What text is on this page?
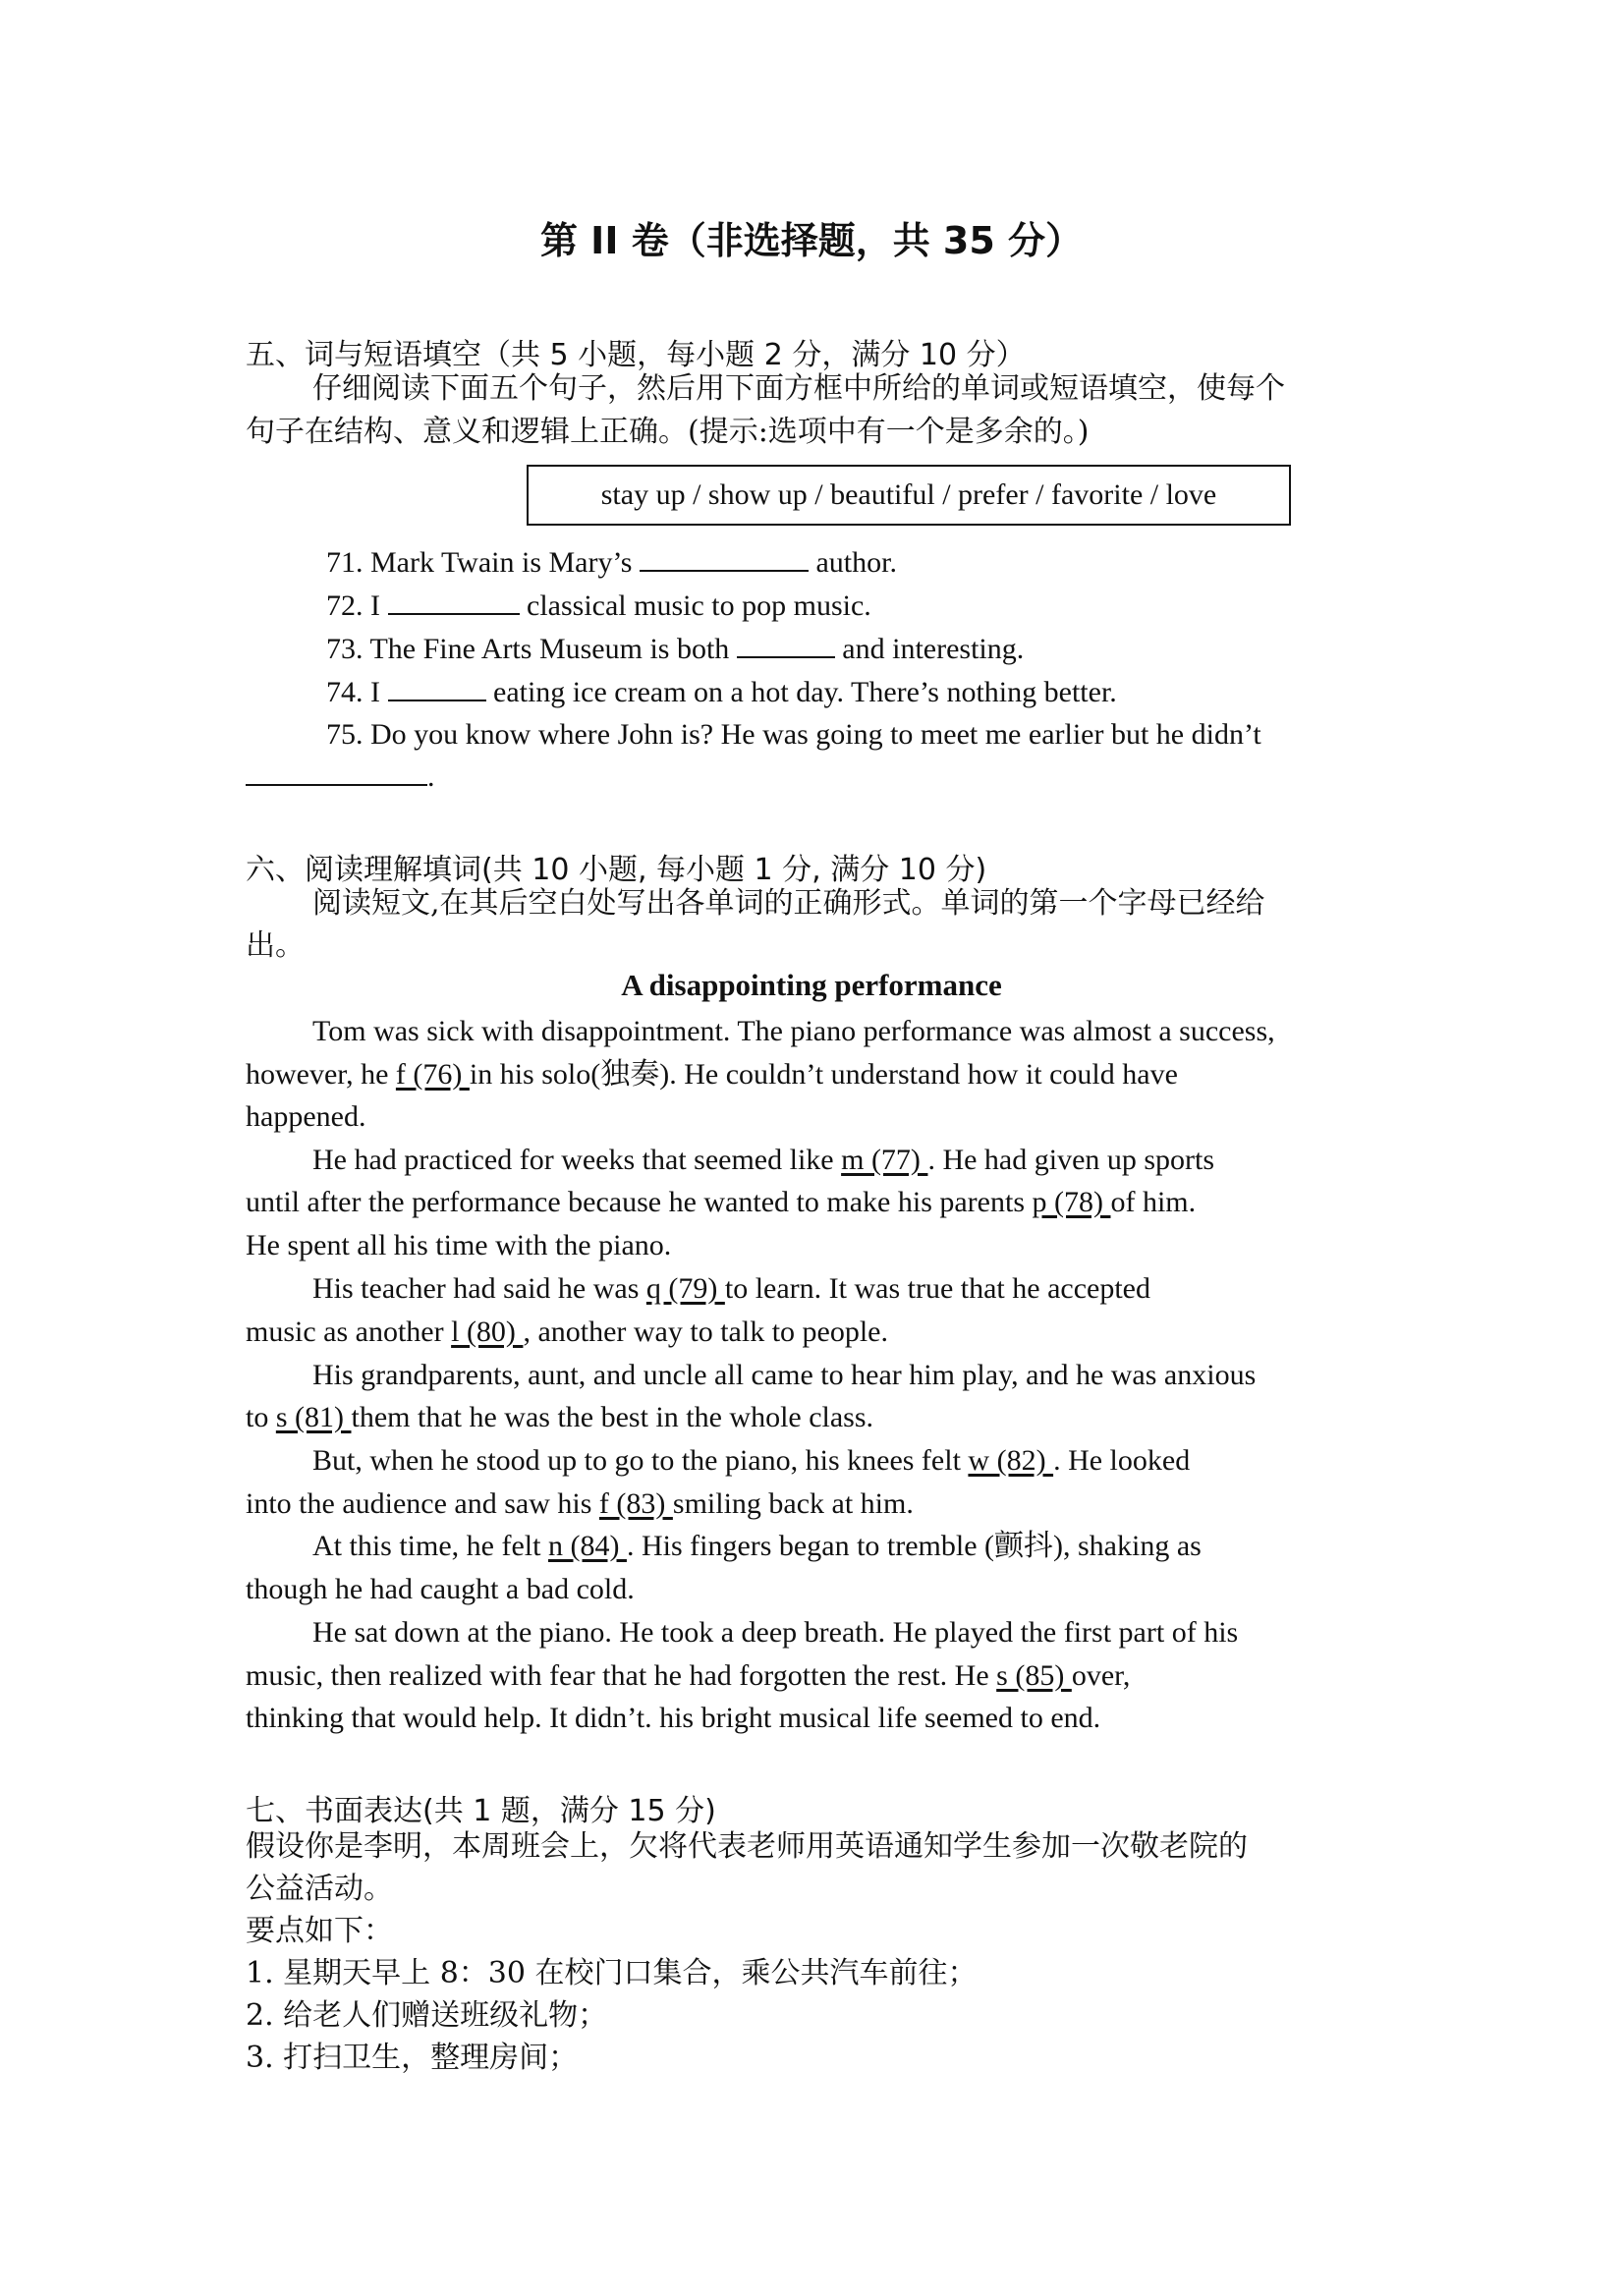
第 II 卷（非选择题，共 35 分）
五、词与短语填空（共 5 小题，每小题 2 分，满分 10 分）
仔细阅读下面五个句子，然后用下面方框中所给的单词或短语填空，使每个
句子在结构、意义和逻辑上正确。(提示:选项中有一个是多余的。)
stay up / show up / beautiful / prefer / favorite / love
71. Mark Twain is Mary’s	author.
72. I	classical music to pop music.
73. The Fine Arts Museum is both	and interesting.
74. I	eating ice cream on a hot day. There’s nothing better.
75. Do you know where John is? He was going to meet me earlier but he didn’t
.
六、阅读理解填词(共 10 小题, 每小题 1 分, 满分 10 分)
阅读短文,在其后空白处写出各单词的正确形式。单词的第一个字母已经给
出。
A disappointing performance
Tom was sick with disappointment. The piano performance was almost a success,
however, he f (76) in his solo(独奏). He couldn’t understand how it could have
happened.
He had practiced for weeks that seemed like m (77) . He had given up sports
until after the performance because he wanted to make his parents p (78) of him.
He spent all his time with the piano.
His teacher had said he was q (79) to learn. It was true that he accepted
music as another l (80) , another way to talk to people.
His grandparents, aunt, and uncle all came to hear him play, and he was anxious
to s (81) them that he was the best in the whole class.
But, when he stood up to go to the piano, his knees felt w (82) . He looked
into the audience and saw his f (83) smiling back at him.
At this time, he felt n (84) . His fingers began to tremble (颤抖), shaking as
though he had caught a bad cold.
He sat down at the piano. He took a deep breath. He played the first part of his
music, then realized with fear that he had forgotten the rest. He s (85) over,
thinking that would help. It didn’t. his bright musical life seemed to end.
七、书面表达(共 1 题，满分 15 分)
假设你是李明，本周班会上，欠将代表老师用英语通知学生参加一次敬老院的
公益活动。
要点如下：
1. 星期天早上 8：30 在校门口集合，乘公共汽车前往；
2. 给老人们赠送班级礼物；
3. 打扫卫生，整理房间；
